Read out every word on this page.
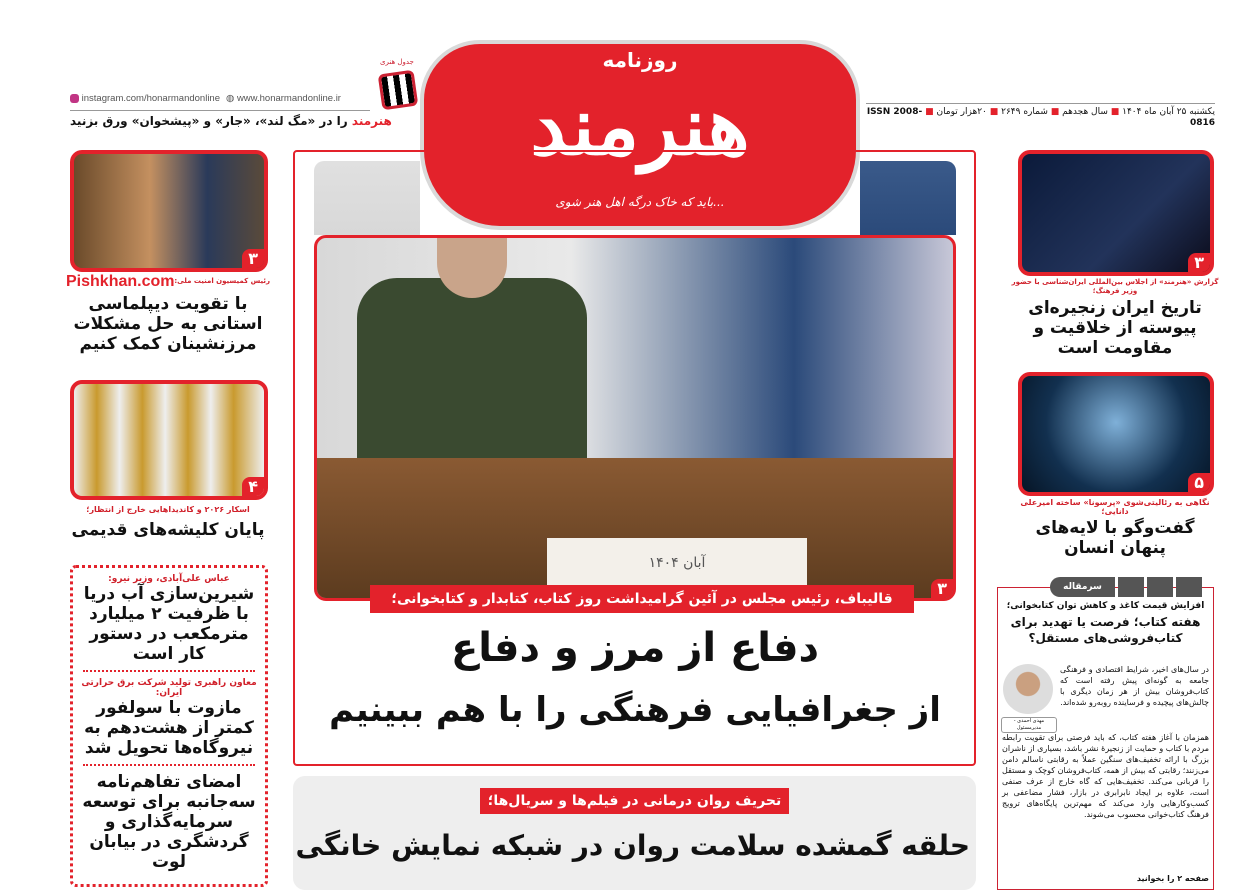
روزنامه
هنرمند
...باید که خاک درگه اهل هنر شوی
instagram.com/honarmandonline ◍ www.honarmandonline.ir
هنرمند را در «مگ لند»، «جار» و «پیشخوان» ورق بزنید
جدول هنری
یکشنبه ۲۵ آبان ماه ۱۴۰۴ ■ سال هجدهم ■ شماره ۲۶۴۹ ■ ۲۰هزار تومان ■ ISSN 2008-0816
آبان ۱۴۰۴
۳
قالیباف، رئیس مجلس در آئین گرامیداشت روز کتاب، کتابدار و کتابخوانی؛
دفاع از مرز و دفاع
از جغرافیایی فرهنگی را با هم ببینیم
تحریف روان درمانی در فیلم‌ها و سریال‌ها؛
حلقه گمشده سلامت روان در شبکه نمایش خانگی
۳
گزارش «هنرمند» از اجلاس بین‌المللی ایران‌شناسی با حضور وزیر فرهنگ؛
تاریخ ایران زنجیره‌ای پیوسته از خلاقیت و مقاومت است
۵
نگاهی به رئالیتی‌شوی «پرسونا» ساخته امیرعلی دانایی؛
گفت‌وگو با لایه‌های پنهان انسان
سرمقاله
افزایش قیمت کاغذ و کاهش توان کتابخوانی؛
هفته کتاب؛ فرصت یا تهدید برای کتاب‌فروشی‌های مستقل؟
مهدی احمدی - مدیرمسئول
در سال‌های اخیر، شرایط اقتصادی و فرهنگی جامعه به گونه‌ای پیش رفته است که کتاب‌فروشان بیش از هر زمان دیگری با چالش‌های پیچیده و فرساینده روبه‌رو شده‌اند.
همزمان با آغاز هفته کتاب، که باید فرصتی برای تقویت رابطه مردم با کتاب و حمایت از زنجیرهٔ نشر باشد، بسیاری از ناشران بزرگ با ارائه تخفیف‌های سنگین عملاً به رقابتی ناسالم دامن می‌زنند؛ رقابتی که بیش از همه، کتاب‌فروشان کوچک و مستقل را قربانی می‌کند. تخفیف‌هایی که گاه خارج از عرف صنفی است، علاوه بر ایجاد نابرابری در بازار، فشار مضاعفی بر کسب‌وکارهایی وارد می‌کند که مهم‌ترین پایگاه‌های ترویج فرهنگ کتاب‌خوانی محسوب می‌شوند.
صفحه ۲ را بخوانید
۳
Pishkhan.com رئیس کمیسیون امنیت ملی:
با تقویت دیپلماسی استانی به حل مشکلات مرزنشینان کمک کنیم
۴
اسکار ۲۰۲۶ و کاندیداهایی خارج از انتظار؛
پایان کلیشه‌های قدیمی
عباس علی‌آبادی، وزیر نیرو:
شیرین‌سازی آب دریا با ظرفیت ۲ میلیارد مترمکعب در دستور کار است
معاون راهبری تولید شرکت برق حرارتی ایران:
مازوت با سولفور کمتر از هشت‌دهم به نیروگاه‌ها تحویل شد
امضای تفاهم‌نامه سه‌جانبه برای توسعه سرمایه‌گذاری و گردشگری در بیابان لوت
